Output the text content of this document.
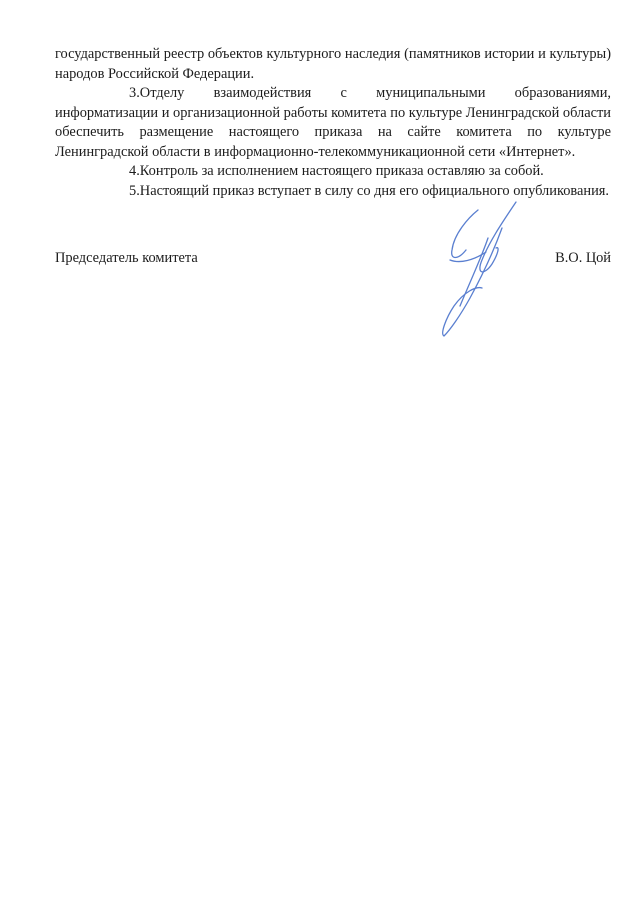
государственный реестр объектов культурного наследия (памятников истории и культуры) народов Российской Федерации.

3.Отделу взаимодействия с муниципальными образованиями, информатизации и организационной работы комитета по культуре Ленинградской области обеспечить размещение настоящего приказа на сайте комитета по культуре Ленинградской области в информационно-телекоммуникационной сети «Интернет».

4.Контроль за исполнением настоящего приказа оставляю за собой.

5.Настоящий приказ вступает в силу со дня его официального опубликования.

Председатель комитета	В.О. Цой
